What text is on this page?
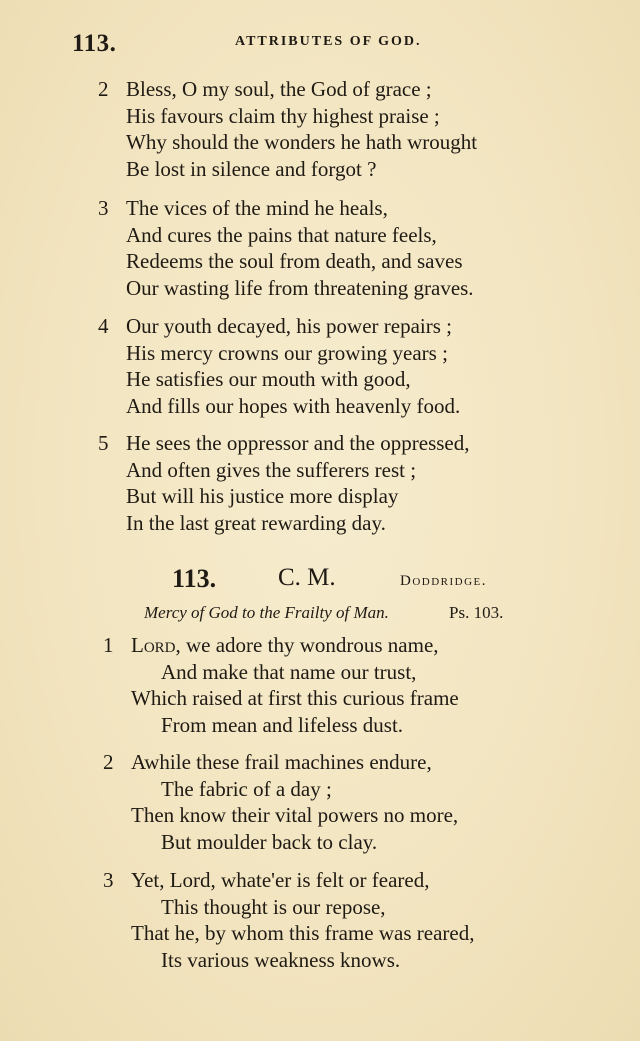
113.	ATTRIBUTES OF GOD.
2 Bless, O my soul, the God of grace ;
His favours claim thy highest praise ;
Why should the wonders he hath wrought
Be lost in silence and forgot ?
3 The vices of the mind he heals,
And cures the pains that nature feels,
Redeems the soul from death, and saves
Our wasting life from threatening graves.
4 Our youth decayed, his power repairs ;
His mercy crowns our growing years ;
He satisfies our mouth with good,
And fills our hopes with heavenly food.
5 He sees the oppressor and the oppressed,
And often gives the sufferers rest ;
But will his justice more display
In the last great rewarding day.
113. C. M.	Doddridge.
Mercy of God to the Frailty of Man.	Ps. 103.
1 Lord, we adore thy wondrous name,
And make that name our trust,
Which raised at first this curious frame
From mean and lifeless dust.
2 Awhile these frail machines endure,
The fabric of a day ;
Then know their vital powers no more,
But moulder back to clay.
3 Yet, Lord, whate'er is felt or feared,
This thought is our repose,
That he, by whom this frame was reared,
Its various weakness knows.
